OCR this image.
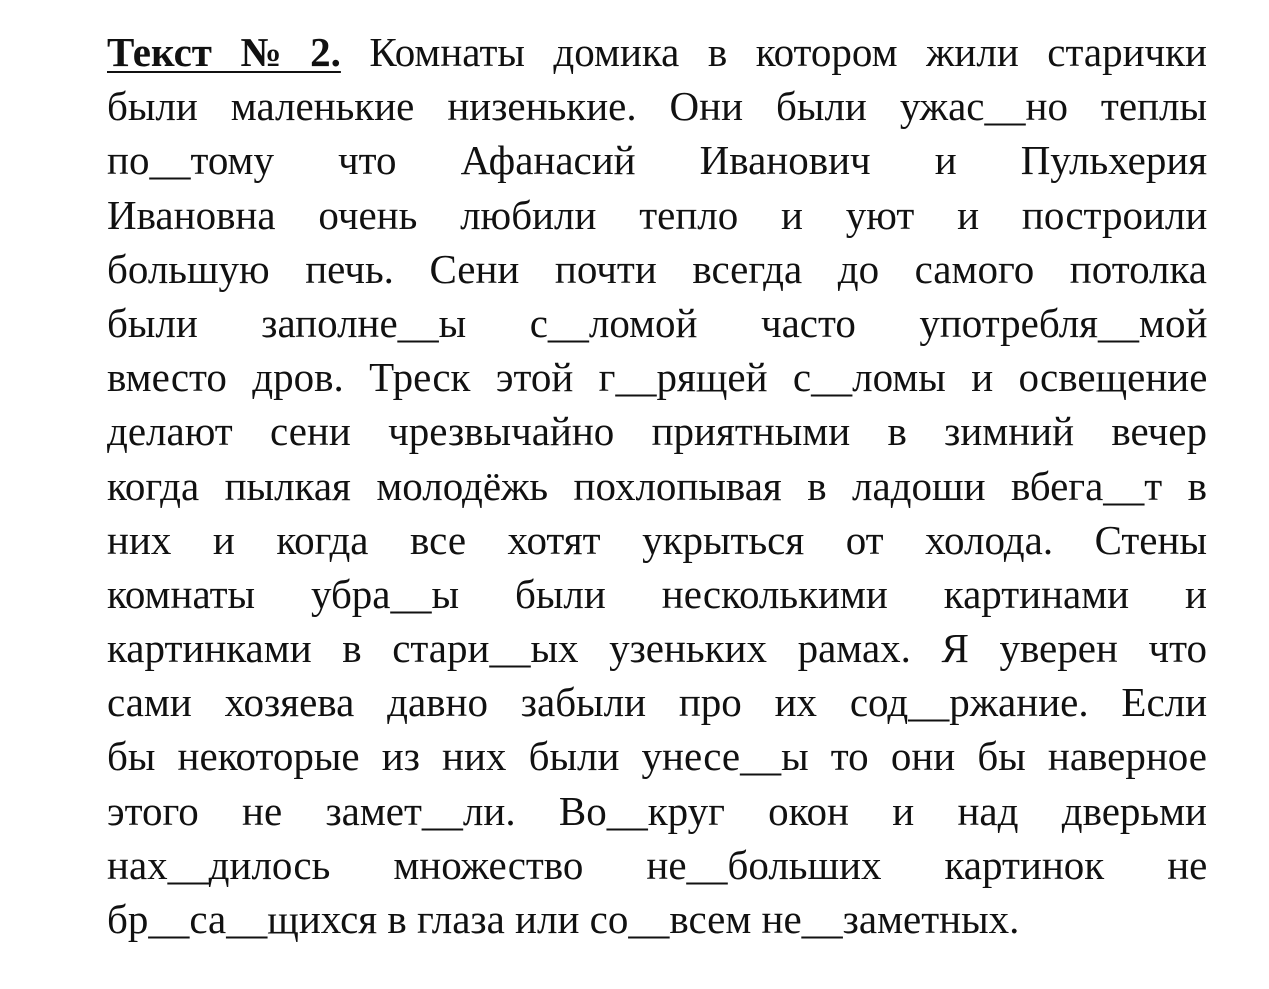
Текст № 2. Комнаты домика в котором жили старички
были маленькие низенькие. Они были ужас__но теплы
по__тому что Афанасий Иванович и Пульхерия
Ивановна очень любили тепло и уют и построили
большую печь. Сени почти всегда до самого потолка
были заполне__ы с__ломой часто употребля__мой
вместо дров. Треск этой г__рящей с__ломы и освещение
делают сени чрезвычайно приятными в зимний вечер
когда пылкая молодёжь похлопывая в ладоши вбега__т в
них и когда все хотят укрыться от холода. Стены
комнаты убра__ы были несколькими картинами и
картинками в стари__ых узеньких рамах. Я уверен что
сами хозяева давно забыли про их сод__ржание. Если
бы некоторые из них были унесе__ы то они бы наверное
этого не замет__ли. Во__круг окон и над дверьми
нах__дилось множество не__больших картинок не
бр__са__щихся в глаза или со__всем не__заметных.
